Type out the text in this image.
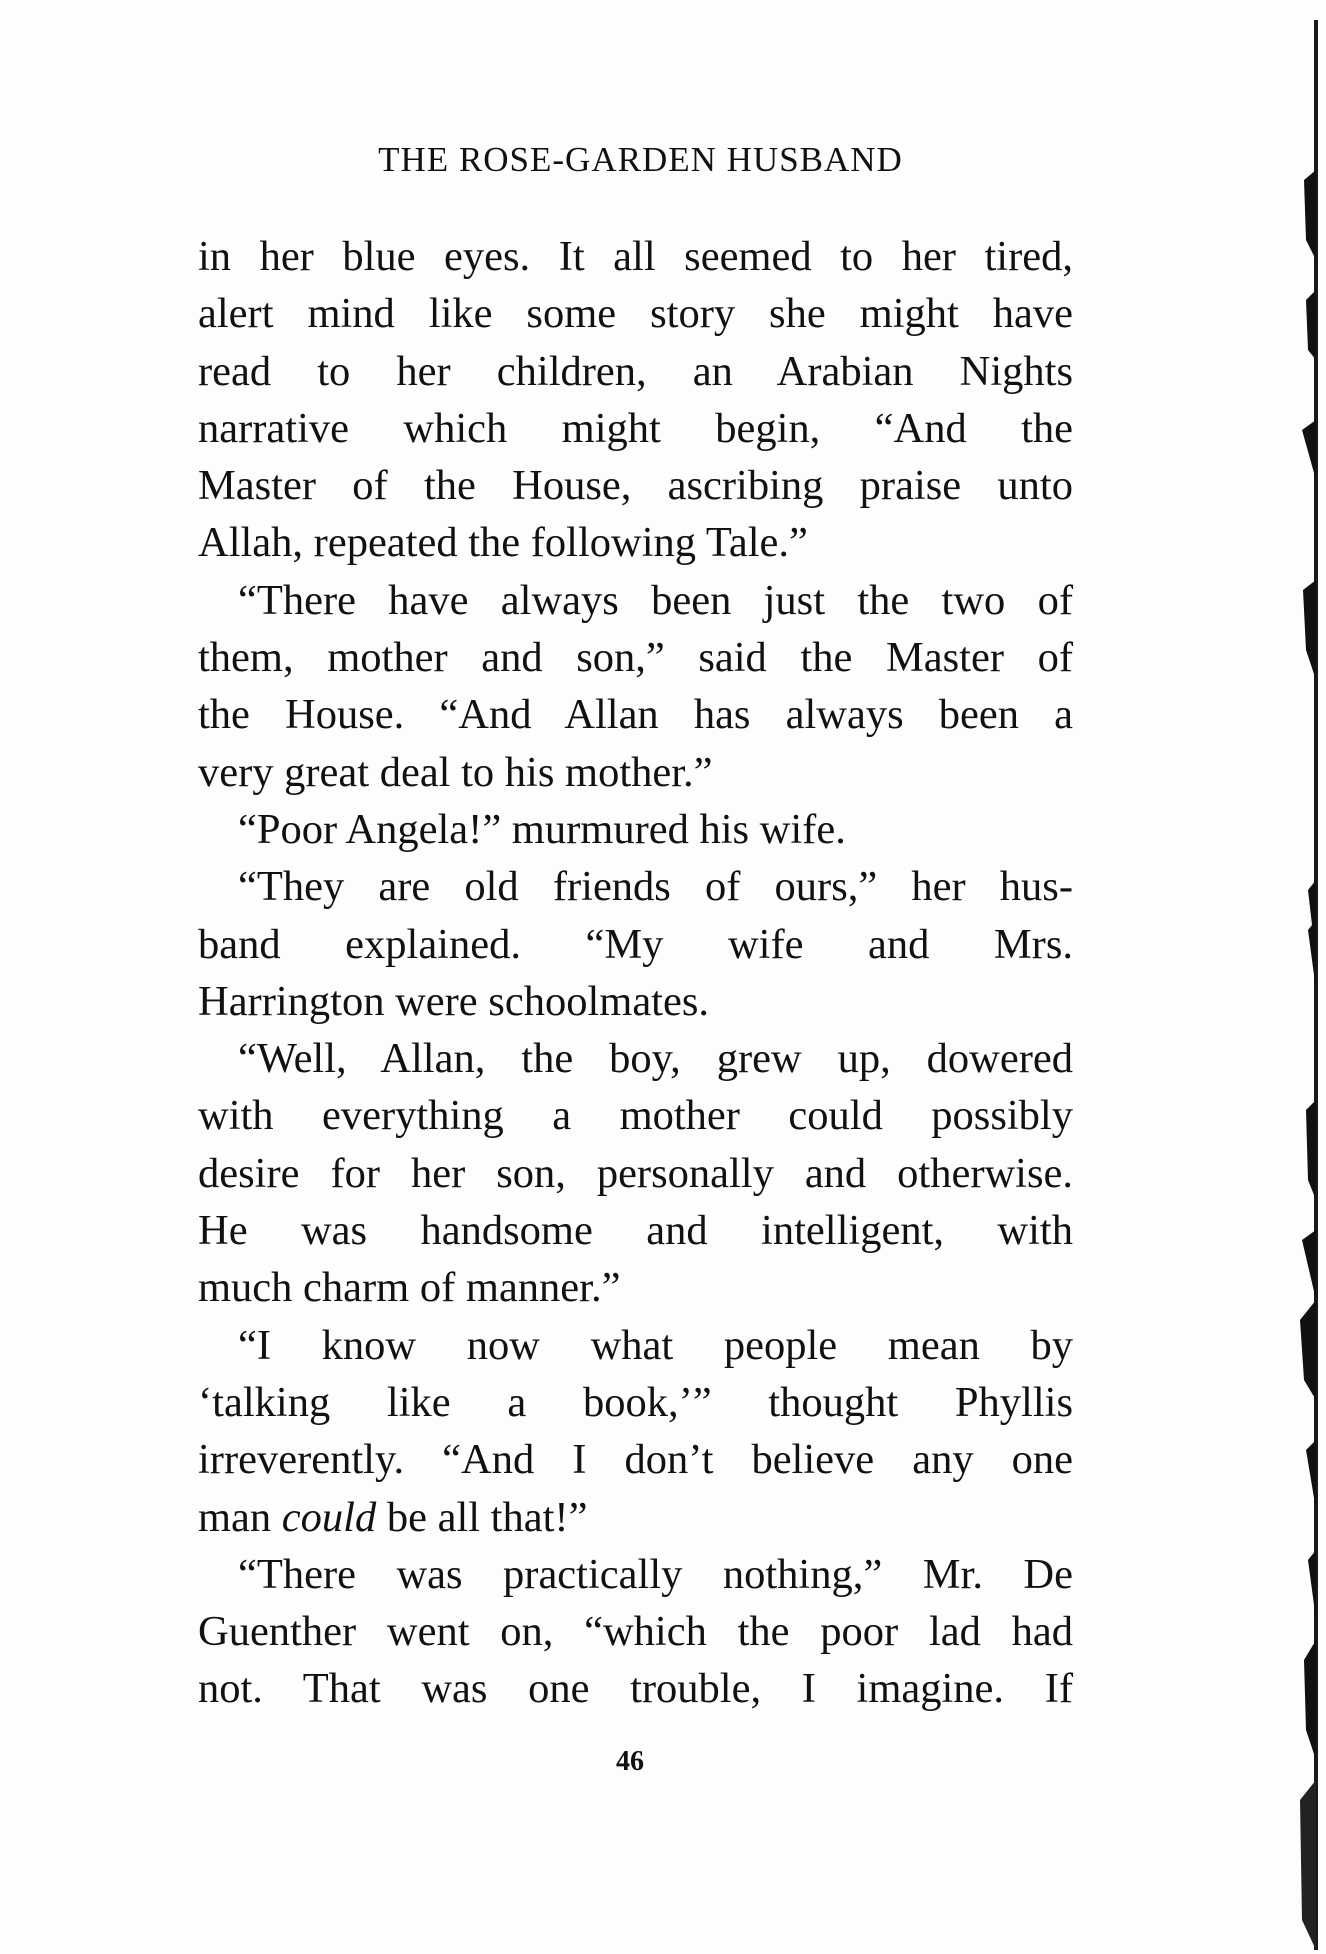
THE ROSE-GARDEN HUSBAND
in her blue eyes. It all seemed to her tired,
alert mind like some story she might have
read to her children, an Arabian Nights
narrative which might begin, “And the
Master of the House, ascribing praise unto
Allah, repeated the following Tale.”
“There have always been just the two of
them, mother and son,” said the Master of
the House. “And Allan has always been a
very great deal to his mother.”
“Poor Angela!” murmured his wife.
“They are old friends of ours,” her hus-
band explained. “My wife and Mrs.
Harrington were schoolmates.
“Well, Allan, the boy, grew up, dowered
with everything a mother could possibly
desire for her son, personally and otherwise.
He was handsome and intelligent, with
much charm of manner.”
“I know now what people mean by
‘talking like a book,’” thought Phyllis
irreverently. “And I don’t believe any one
man could be all that!”
“There was practically nothing,” Mr. De
Guenther went on, “which the poor lad had
not. That was one trouble, I imagine. If
46
